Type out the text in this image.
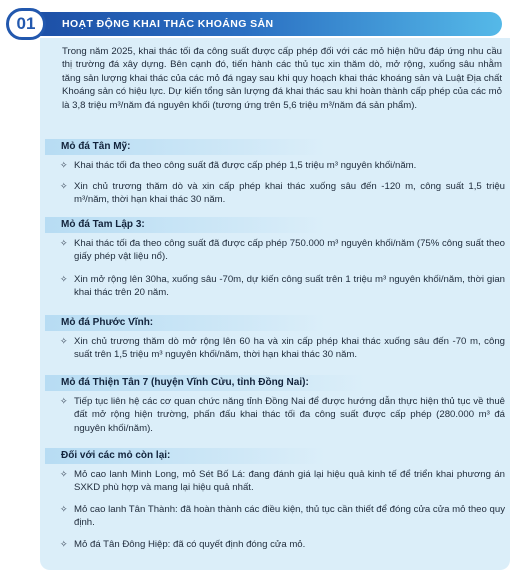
01	HOẠT ĐỘNG KHAI THÁC KHOÁNG SẢN

Trong năm 2025, khai thác tối đa công suất được cấp phép đối với các mỏ hiện hữu đáp ứng nhu cầu thị trường đá xây dựng. Bên cạnh đó, tiến hành các thủ tục xin thăm dò, mở rộng, xuống sâu nhằm tăng sản lượng khai thác của các mỏ đá ngay sau khi quy hoạch khai thác khoáng sản và Luật Địa chất Khoáng sản có hiệu lực. Dự kiến tổng sản lượng đá khai thác sau khi hoàn thành cấp phép của các mỏ là 3,8 triệu m³/năm đá nguyên khối (tương ứng trên 5,6 triệu m³/năm đá sản phẩm).

Mỏ đá Tân Mỹ:
✧ Khai thác tối đa theo công suất đã được cấp phép 1,5 triệu m³ nguyên khối/năm.
✧ Xin chủ trương thăm dò và xin cấp phép khai thác xuống sâu đến -120 m, công suất 1,5 triệu m³/năm, thời hạn khai thác 30 năm.
Mỏ đá Tam Lập 3:
✧ Khai thác tối đa theo công suất đã được cấp phép 750.000 m³ nguyên khối/năm (75% công suất theo giấy phép vật liệu nổ).
✧ Xin mở rộng lên 30ha, xuống sâu -70m, dự kiến công suất trên 1 triệu m³ nguyên khối/năm, thời gian khai thác trên 20 năm.
Mỏ đá Phước Vĩnh:
✧ Xin chủ trương thăm dò mở rộng lên 60 ha và xin cấp phép khai thác xuống sâu đến -70 m, công suất trên 1,5 triệu m³ nguyên khối/năm, thời hạn khai thác 30 năm.
Mỏ đá Thiện Tân 7 (huyện Vĩnh Cửu, tỉnh Đồng Nai):
✧ Tiếp tục liên hệ các cơ quan chức năng tỉnh Đồng Nai để được hướng dẫn thực hiện thủ tục về thuê đất mở rộng hiện trường, phấn đấu khai thác tối đa công suất được cấp phép (280.000 m³ đá nguyên khối/năm).
Đối với các mỏ còn lại:
✧ Mỏ cao lanh Minh Long, mỏ Sét Bố Lá: đang đánh giá lại hiệu quả kinh tế để triển khai phương án SXKD phù hợp và mang lại hiệu quả nhất.
✧ Mỏ cao lanh Tân Thành: đã hoàn thành các điều kiện, thủ tục cần thiết để đóng cửa cửa mỏ theo quy định.
✧ Mỏ đá Tân Đông Hiệp: đã có quyết định đóng cửa mỏ.
